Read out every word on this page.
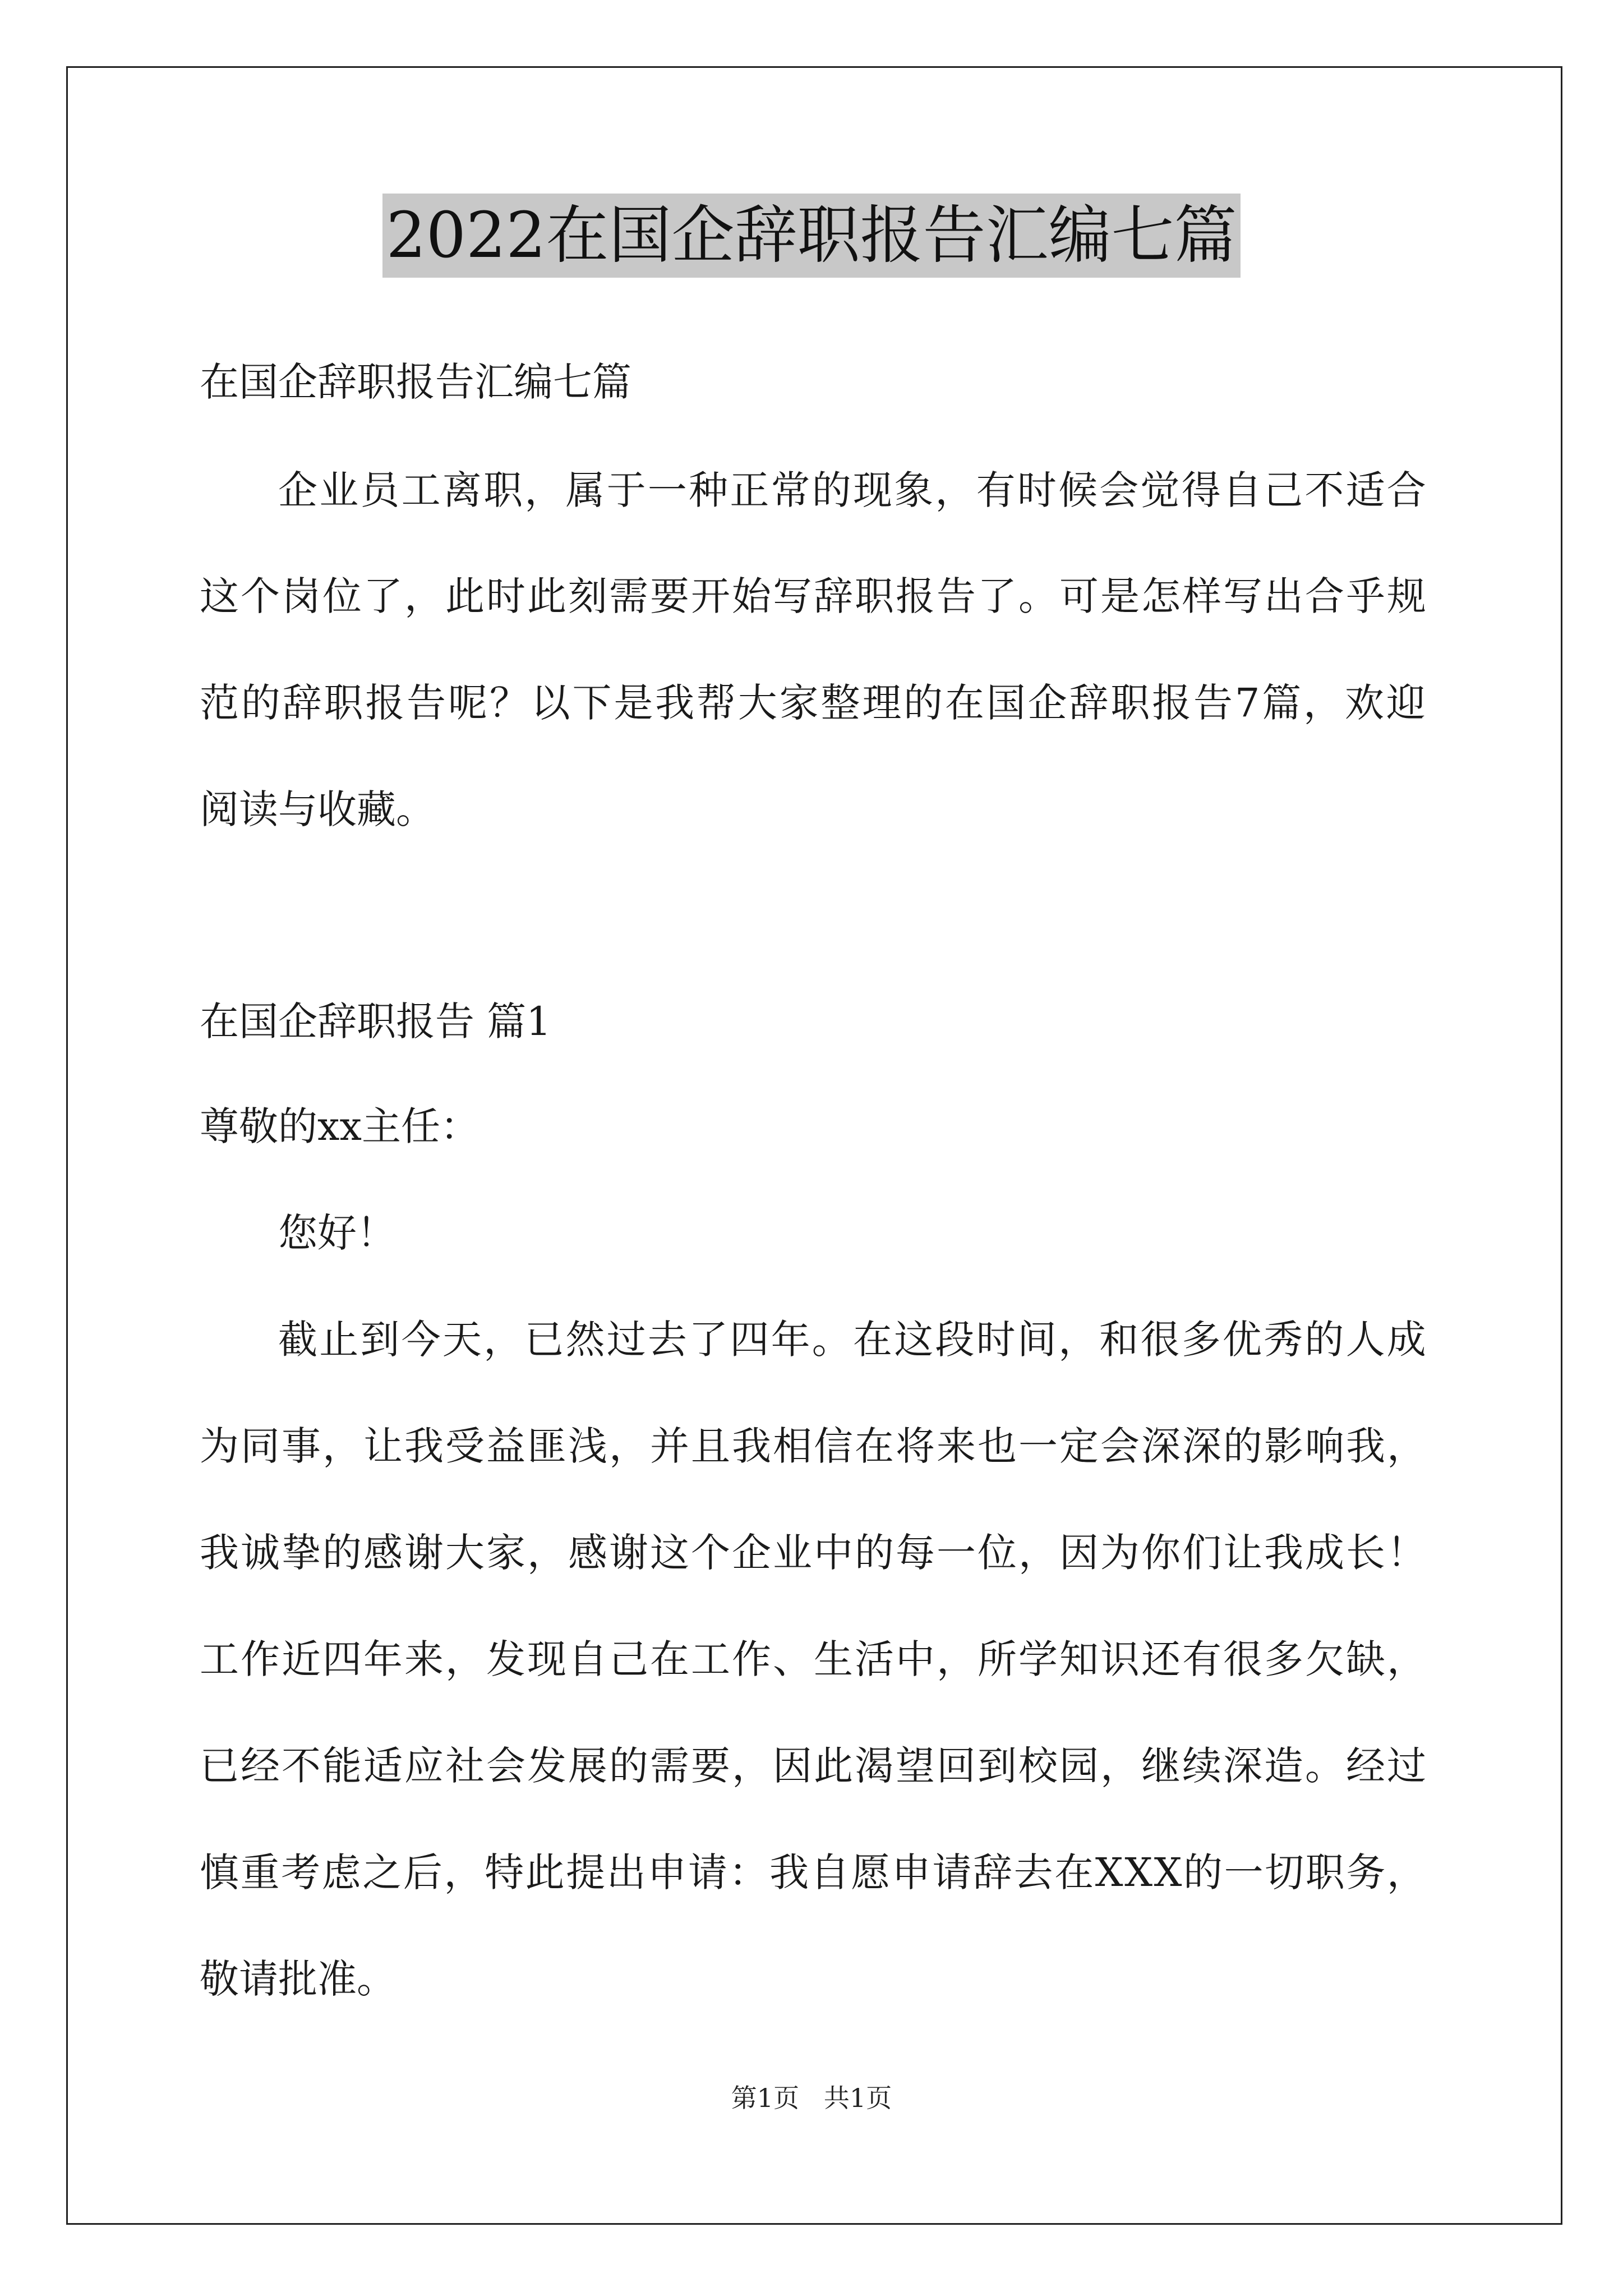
2022在国企辞职报告汇编七篇
在国企辞职报告汇编七篇
企业员工离职，属于一种正常的现象，有时候会觉得自己不适合
这个岗位了，此时此刻需要开始写辞职报告了。可是怎样写出合乎规
范的辞职报告呢？以下是我帮大家整理的在国企辞职报告7篇，欢迎
阅读与收藏。
在国企辞职报告 篇1
尊敬的xx主任：
您好！
截止到今天，已然过去了四年。在这段时间，和很多优秀的人成
为同事，让我受益匪浅，并且我相信在将来也一定会深深的影响我，
我诚挚的感谢大家，感谢这个企业中的每一位，因为你们让我成长！
工作近四年来，发现自己在工作、生活中，所学知识还有很多欠缺，
已经不能适应社会发展的需要，因此渴望回到校园，继续深造。经过
慎重考虑之后，特此提出申请：我自愿申请辞去在XXX的一切职务，
敬请批准。
第1页   共1页
